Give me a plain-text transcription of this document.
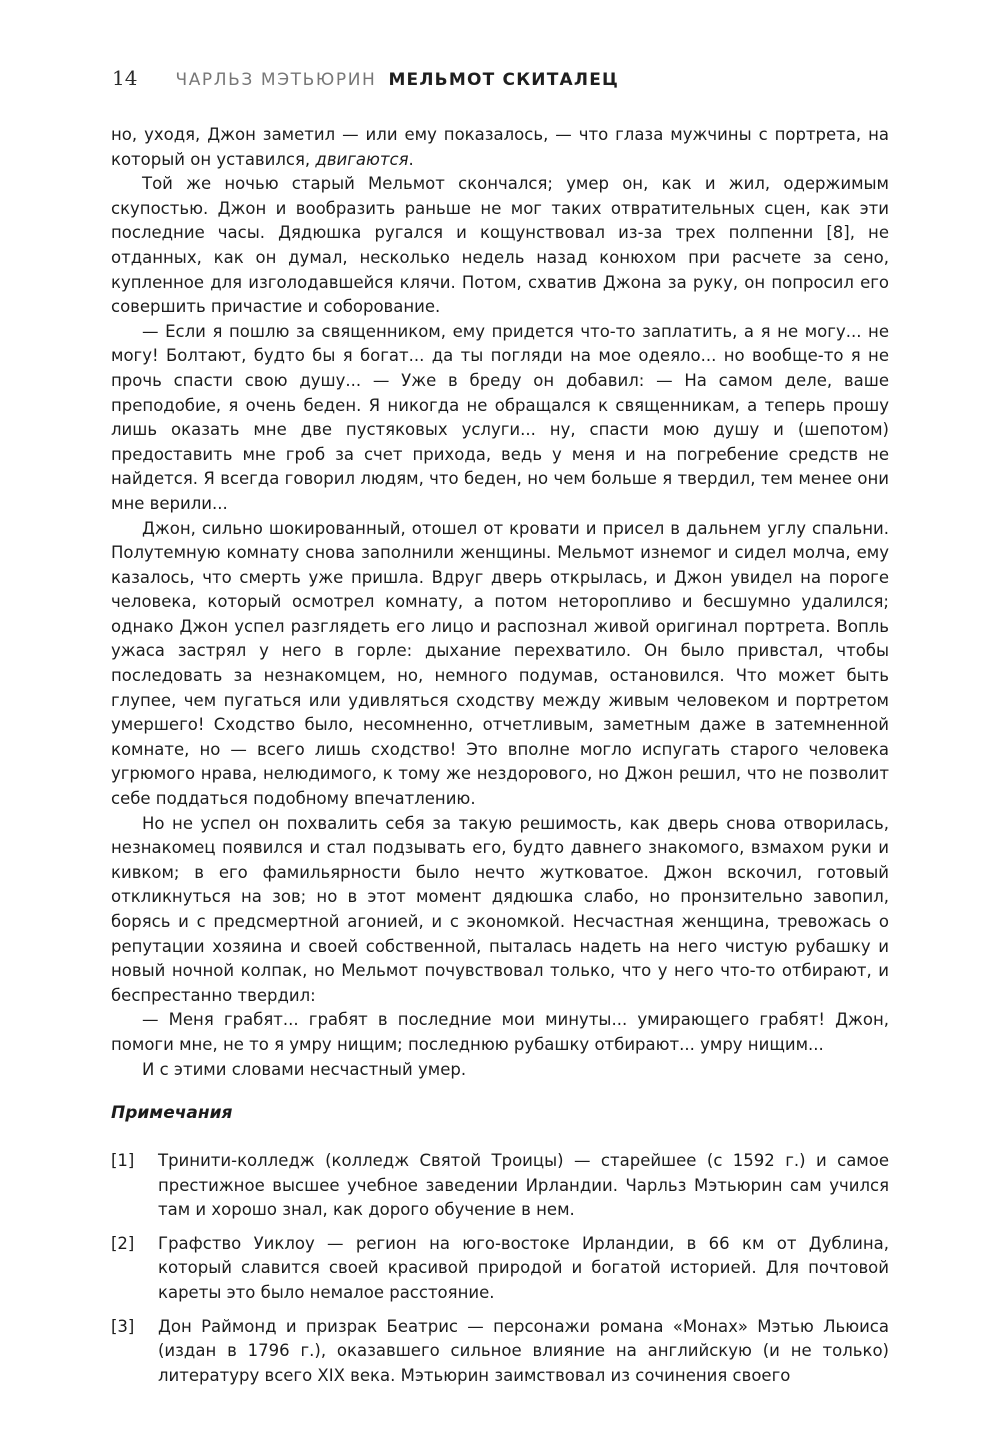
14 ЧАРЛЬЗ МЭТЬЮРИН МЕЛЬМОТ СКИТАЛЕЦ

но, уходя, Джон заметил — или ему показалось, — что глаза мужчины с портрета, на который он уставился, двигаются.

Той же ночью старый Мельмот скончался; умер он, как и жил, одержимым скупостью. Джон и вообразить раньше не мог таких отвратительных сцен, как эти последние часы. Дядюшка ругался и кощунствовал из-за трех полпенни [8], не отданных, как он думал, несколько недель назад конюхом при расчете за сено, купленное для изголодавшейся клячи. Потом, схватив Джона за руку, он попросил его совершить причастие и соборование.

— Если я пошлю за священником, ему придется что-то заплатить, а я не могу... не могу! Болтают, будто бы я богат... да ты погляди на мое одеяло... но вообще-то я не прочь спасти свою душу... — Уже в бреду он добавил: — На самом деле, ваше преподобие, я очень беден. Я никогда не обращался к священникам, а теперь прошу лишь оказать мне две пустяковых услуги... ну, спасти мою душу и (шепотом) предоставить мне гроб за счет прихода, ведь у меня и на погребение средств не найдется. Я всегда говорил людям, что беден, но чем больше я твердил, тем менее они мне верили...

Джон, сильно шокированный, отошел от кровати и присел в дальнем углу спальни. Полутемную комнату снова заполнили женщины. Мельмот изнемог и сидел молча, ему казалось, что смерть уже пришла. Вдруг дверь открылась, и Джон увидел на пороге человека, который осмотрел комнату, а потом неторопливо и бесшумно удалился; однако Джон успел разглядеть его лицо и распознал живой оригинал портрета. Вопль ужаса застрял у него в горле: дыхание перехватило. Он было привстал, чтобы последовать за незнакомцем, но, немного подумав, остановился. Что может быть глупее, чем пугаться или удивляться сходству между живым человеком и портретом умершего! Сходство было, несомненно, отчетливым, заметным даже в затемненной комнате, но — всего лишь сходство! Это вполне могло испугать старого человека угрюмого нрава, нелюдимого, к тому же нездорового, но Джон решил, что не позволит себе поддаться подобному впечатлению.

Но не успел он похвалить себя за такую решимость, как дверь снова отворилась, незнакомец появился и стал подзывать его, будто давнего знакомого, взмахом руки и кивком; в его фамильярности было нечто жутковатое. Джон вскочил, готовый откликнуться на зов; но в этот момент дядюшка слабо, но пронзительно завопил, борясь и с предсмертной агонией, и с экономкой. Несчастная женщина, тревожась о репутации хозяина и своей собственной, пыталась надеть на него чистую рубашку и новый ночной колпак, но Мельмот почувствовал только, что у него что-то отбирают, и беспрестанно твердил:

— Меня грабят... грабят в последние мои минуты... умирающего грабят! Джон, помоги мне, не то я умру нищим; последнюю рубашку отбирают... умру нищим...

И с этими словами несчастный умер.

Примечания
[1]	Тринити-колледж (колледж Святой Троицы) — старейшее (с 1592 г.) и самое престижное высшее учебное заведении Ирландии. Чарльз Мэтьюрин сам учился там и хорошо знал, как дорого обучение в нем.
[2]	Графство Уиклоу — регион на юго-востоке Ирландии, в 66 км от Дублина, который славится своей красивой природой и богатой историей. Для почтовой кареты это было немалое расстояние.
[3]	Дон Раймонд и призрак Беатрис — персонажи романа «Монах» Мэтью Льюиса (издан в 1796 г.), оказавшего сильное влияние на английскую (и не только) литературу всего XIX века. Мэтьюрин заимствовал из сочинения своего
